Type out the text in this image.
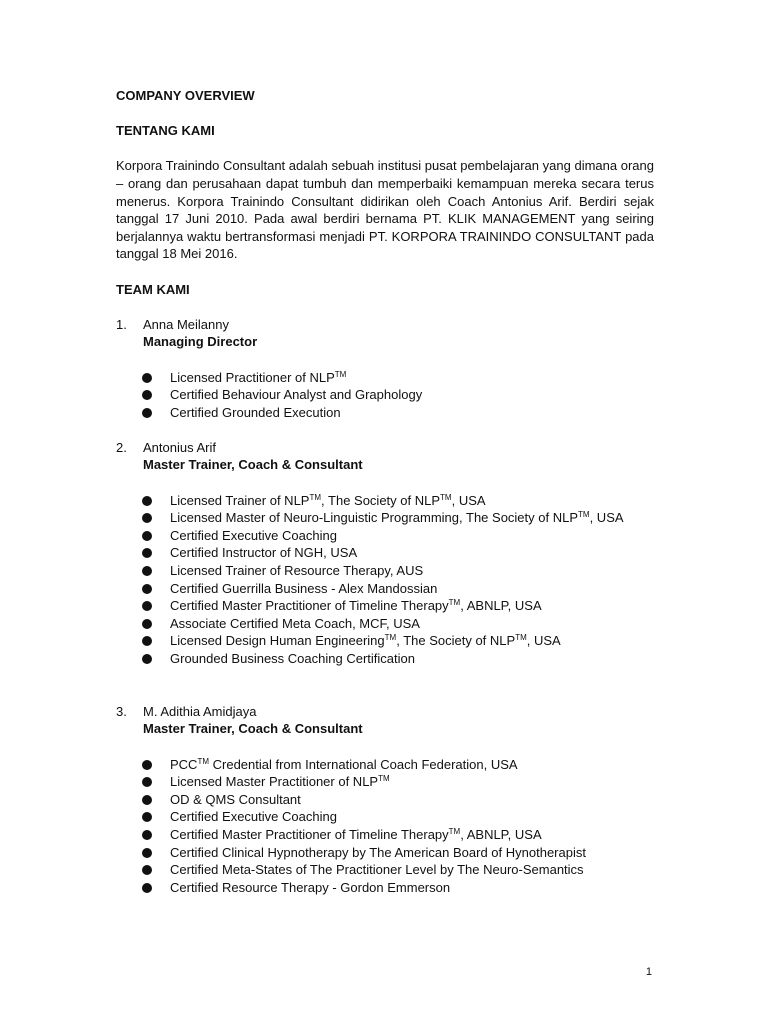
COMPANY OVERVIEW

TENTANG KAMI

Korpora Trainindo Consultant adalah sebuah institusi pusat pembelajaran yang dimana orang – orang dan perusahaan dapat tumbuh dan memperbaiki kemampuan mereka secara terus menerus. Korpora Trainindo Consultant didirikan oleh Coach Antonius Arif. Berdiri sejak tanggal 17 Juni 2010. Pada awal berdiri bernama PT. KLIK MANAGEMENT yang seiring berjalannya waktu bertransformasi menjadi PT. KORPORA TRAININDO CONSULTANT pada tanggal 18 Mei 2016.

TEAM KAMI

1. Anna Meilanny
Managing Director
Licensed Practitioner of NLP™
Certified Behaviour Analyst and Graphology
Certified Grounded Execution
2. Antonius Arif
Master Trainer, Coach & Consultant
Licensed Trainer of NLP™, The Society of NLP™, USA
Licensed Master of Neuro-Linguistic Programming, The Society of NLP™, USA
Certified Executive Coaching
Certified Instructor of NGH, USA
Licensed Trainer of Resource Therapy, AUS
Certified Guerrilla Business - Alex Mandossian
Certified Master Practitioner of Timeline Therapy™, ABNLP, USA
Associate Certified Meta Coach, MCF, USA
Licensed Design Human Engineering™, The Society of NLP™, USA
Grounded Business Coaching Certification
3. M. Adithia Amidjaya
Master Trainer, Coach & Consultant
PCC™ Credential from International Coach Federation, USA
Licensed Master Practitioner of NLP™
OD & QMS Consultant
Certified Executive Coaching
Certified Master Practitioner of Timeline Therapy™, ABNLP, USA
Certified Clinical Hypnotherapy by The American Board of Hynotherapist
Certified Meta-States of The Practitioner Level by The Neuro-Semantics
Certified Resource Therapy - Gordon Emmerson
1
